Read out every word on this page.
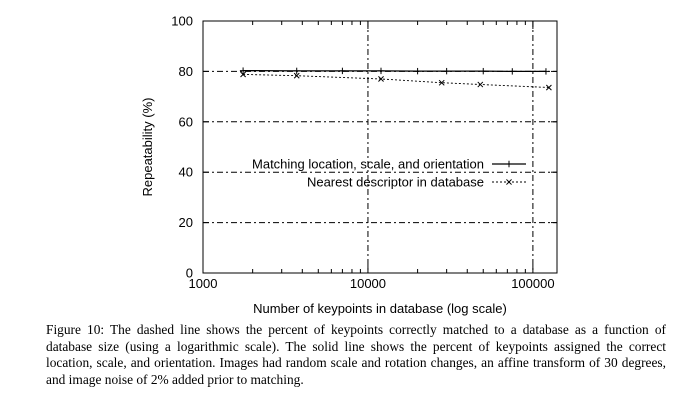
0
20
40
60
80
100
1000	10000	100000
Matching location, scale, and orientation
Nearest descriptor in database
Number of keypoints in database (log scale)
Repeatability (%)

Figure 10: The dashed line shows the percent of keypoints correctly matched to a database as a function of database size (using a logarithmic scale). The solid line shows the percent of keypoints assigned the correct location, scale, and orientation. Images had random scale and rotation changes, an affine transform of 30 degrees, and image noise of 2% added prior to matching.
